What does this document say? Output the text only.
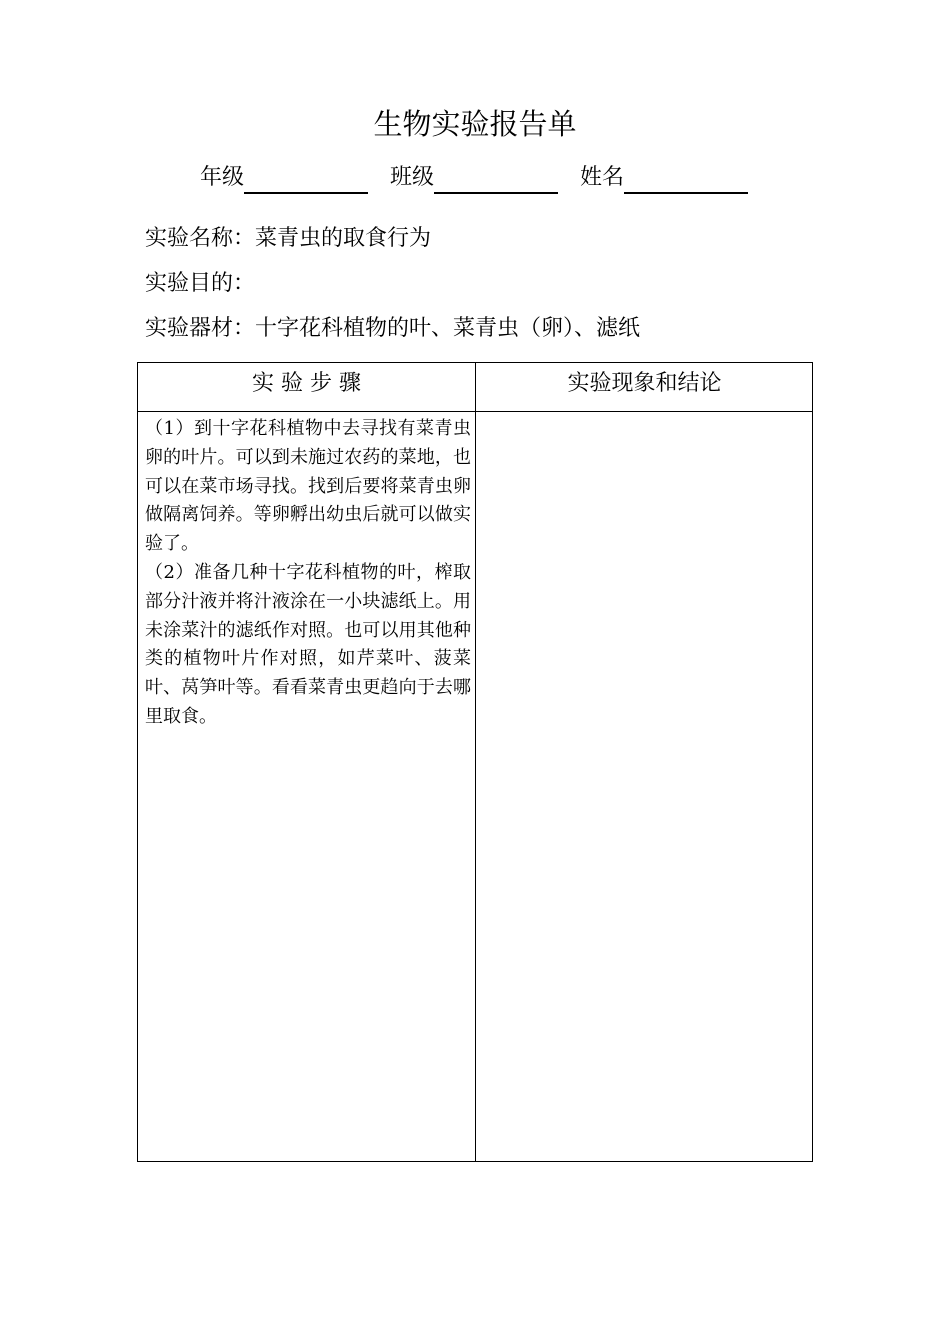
生物实验报告单
年级	班级	姓名
实验名称：菜青虫的取食行为
实验目的：
实验器材：十字花科植物的叶、菜青虫（卵）、滤纸
实 验 步 骤	实验现象和结论

（1）到十字花科植物中去寻找有菜青虫卵的叶片。可以到未施过农药的菜地，也可以在菜市场寻找。找到后要将菜青虫卵做隔离饲养。等卵孵出幼虫后就可以做实验了。

（2）准备几种十字花科植物的叶，榨取部分汁液并将汁液涂在一小块滤纸上。用未涂菜汁的滤纸作对照。也可以用其他种类的植物叶片作对照，如芹菜叶、菠菜叶、莴笋叶等。看看菜青虫更趋向于去哪里取食。
